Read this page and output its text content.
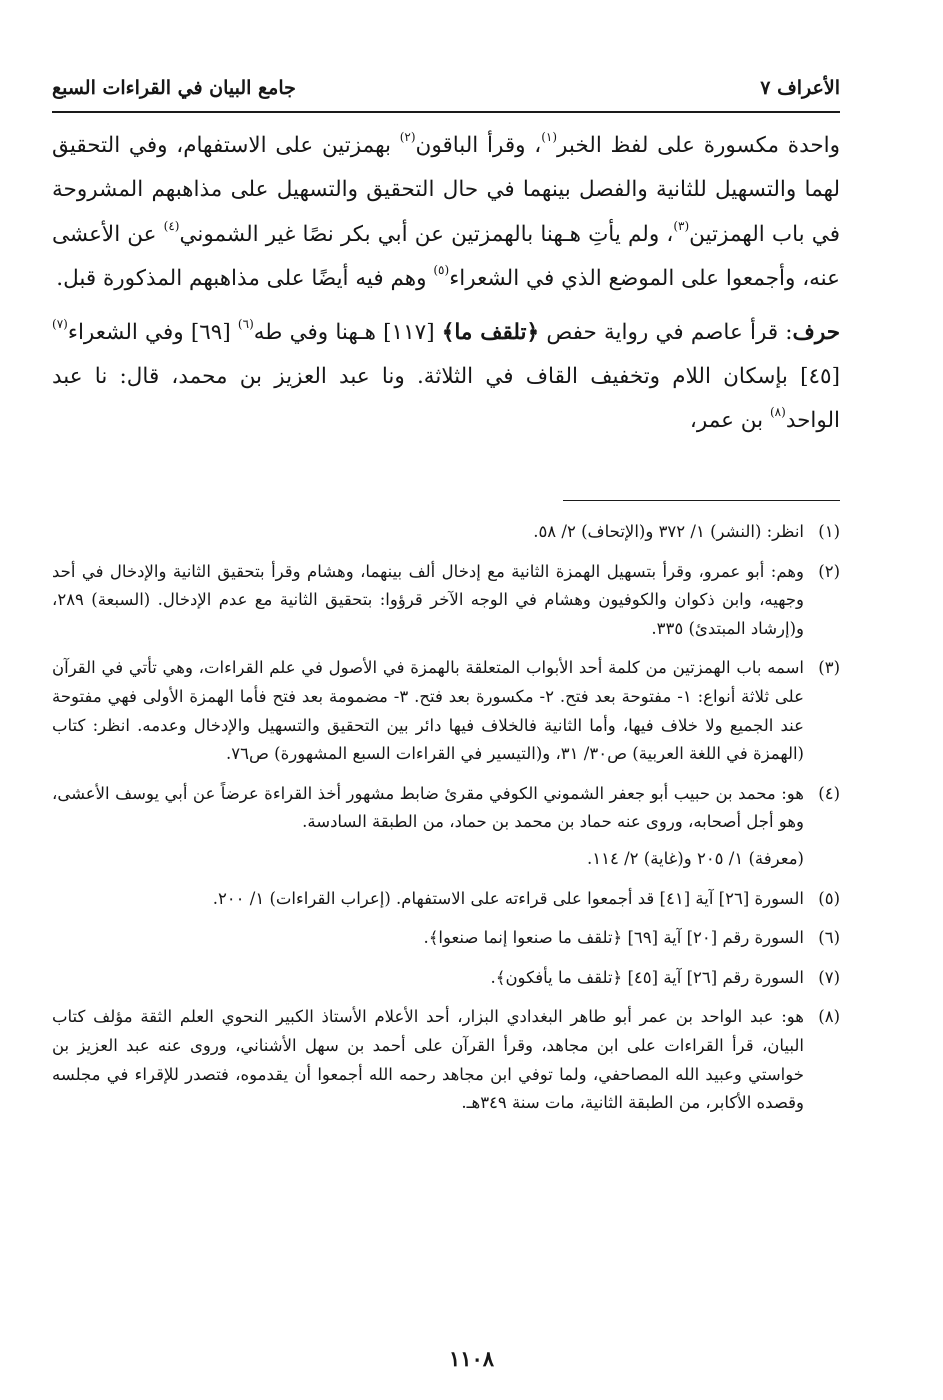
الأعراف ٧
جامع البيان في القراءات السبع

واحدة مكسورة على لفظ الخبر$^{(١)}$، وقرأ الباقون$^{(٢)}$ بهمزتين على الاستفهام، وفي التحقيق لهما والتسهيل للثانية والفصل بينهما في حال التحقيق والتسهيل على مذاهبهم المشروحة في باب الهمزتين$^{(٣)}$، ولم يأتِ هـهنا بالهمزتين عن أبي بكر نصًا غير الشموني$^{(٤)}$ عن الأعشى عنه، وأجمعوا على الموضع الذي في الشعراء$^{(٥)}$ وهم فيه أيضًا على مذاهبهم المذكورة قبل.

حرف: قرأ عاصم في رواية حفص ﴿تلقف ما﴾ [١١٧] هـهنا وفي طه$^{(٦)}$ [٦٩] وفي الشعراء$^{(٧)}$ [٤٥] بإسكان اللام وتخفيف القاف في الثلاثة. ونا عبد العزيز بن محمد، قال: نا عبد الواحد$^{(٨)}$ بن عمر،

(١)
انظر: (النشر) ١/ ٣٧٢ و(الإتحاف) ٢/ ٥٨.
(٢)
وهم: أبو عمرو، وقرأ بتسهيل الهمزة الثانية مع إدخال ألف بينهما، وهشام وقرأ بتحقيق الثانية والإدخال في أحد وجهيه، وابن ذكوان والكوفيون وهشام في الوجه الآخر قرؤوا: بتحقيق الثانية مع عدم الإدخال. (السبعة) ٢٨٩، و(إرشاد المبتدئ) ٣٣٥.
(٣)
اسمه باب الهمزتين من كلمة أحد الأبواب المتعلقة بالهمزة في الأصول في علم القراءات، وهي تأتي في القرآن على ثلاثة أنواع: ١- مفتوحة بعد فتح. ٢- مكسورة بعد فتح. ٣- مضمومة بعد فتح فأما الهمزة الأولى فهي مفتوحة عند الجميع ولا خلاف فيها، وأما الثانية فالخلاف فيها دائر بين التحقيق والتسهيل والإدخال وعدمه. انظر: كتاب (الهمزة في اللغة العربية) ص٣٠/ ٣١، و(التيسير في القراءات السبع المشهورة) ص٧٦.
(٤)
هو: محمد بن حبيب أبو جعفر الشموني الكوفي مقرئ ضابط مشهور أخذ القراءة عرضاً عن أبي يوسف الأعشى، وهو أجل أصحابه، وروى عنه حماد بن محمد بن حماد، من الطبقة السادسة.
(معرفة) ١/ ٢٠٥ و(غاية) ٢/ ١١٤.
(٥)
السورة [٢٦] آية [٤١] قد أجمعوا على قراءته على الاستفهام. (إعراب القراءات) ١/ ٢٠٠.
(٦)
السورة رقم [٢٠] آية [٦٩] ﴿تلقف ما صنعوا إنما صنعوا﴾.
(٧)
السورة رقم [٢٦] آية [٤٥] ﴿تلقف ما يأفكون﴾.
(٨)
هو: عبد الواحد بن عمر أبو طاهر البغدادي البزار، أحد الأعلام الأستاذ الكبير النحوي العلم الثقة مؤلف كتاب البيان، قرأ القراءات على ابن مجاهد، وقرأ القرآن على أحمد بن سهل الأشناني، وروى عنه عبد العزيز بن خواستي وعبيد الله المصاحفي، ولما توفي ابن مجاهد رحمه الله أجمعوا أن يقدموه، فتصدر للإقراء في مجلسه وقصده الأكابر، من الطبقة الثانية، مات سنة ٣٤٩هـ.
١١٠٨
